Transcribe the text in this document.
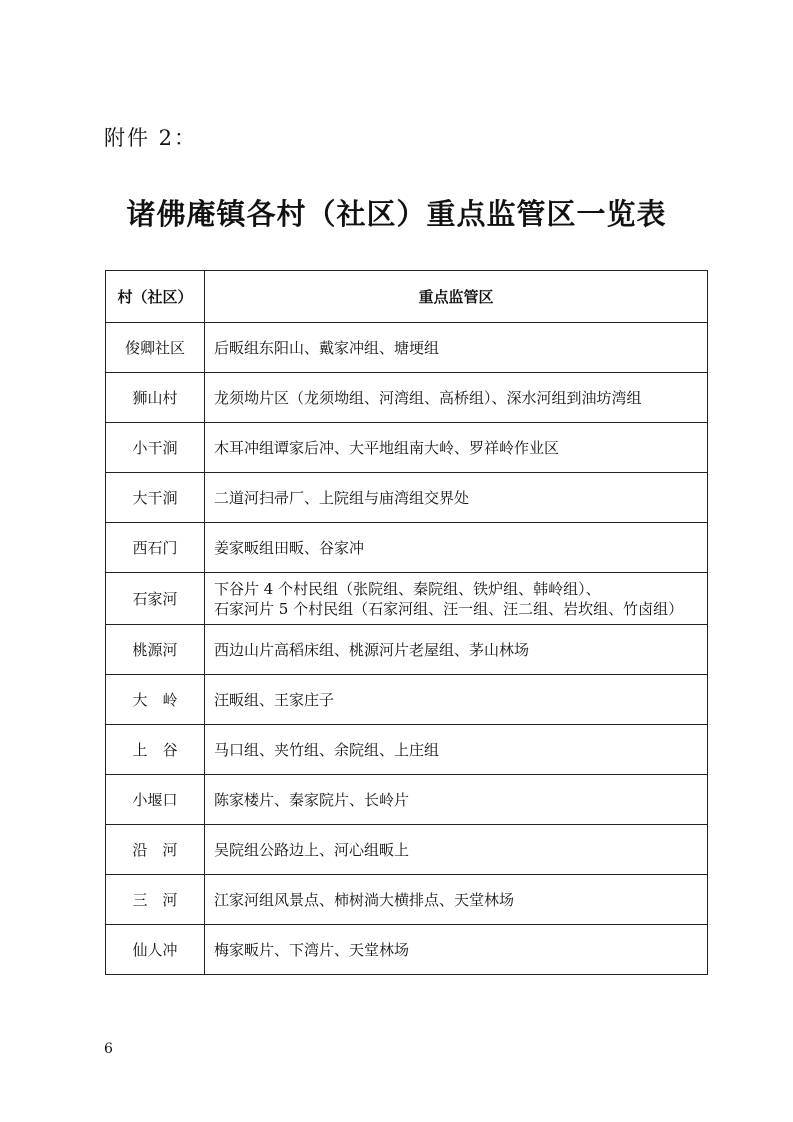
附件 2：
诸佛庵镇各村（社区）重点监管区一览表
村（社区）	重点监管区
俊卿社区	后畈组东阳山、戴家冲组、塘埂组
狮山村	龙须坳片区（龙须坳组、河湾组、高桥组）、深水河组到油坊湾组
小干涧	木耳冲组谭家后冲、大平地组南大岭、罗祥岭作业区
大干涧	二道河扫帚厂、上院组与庙湾组交界处
西石门	姜家畈组田畈、谷家冲
石家河	下谷片 4 个村民组（张院组、秦院组、铁炉组、韩岭组）、
石家河片 5 个村民组（石家河组、汪一组、汪二组、岩坎组、竹卤组）

桃源河	西边山片高稻床组、桃源河片老屋组、茅山林场
大　岭	汪畈组、王家庄子
上　谷	马口组、夹竹组、余院组、上庄组
小堰口	陈家楼片、秦家院片、长岭片
沿　河	吴院组公路边上、河心组畈上
三　河	江家河组风景点、柿树淌大横排点、天堂林场
仙人冲	梅家畈片、下湾片、天堂林场
6
